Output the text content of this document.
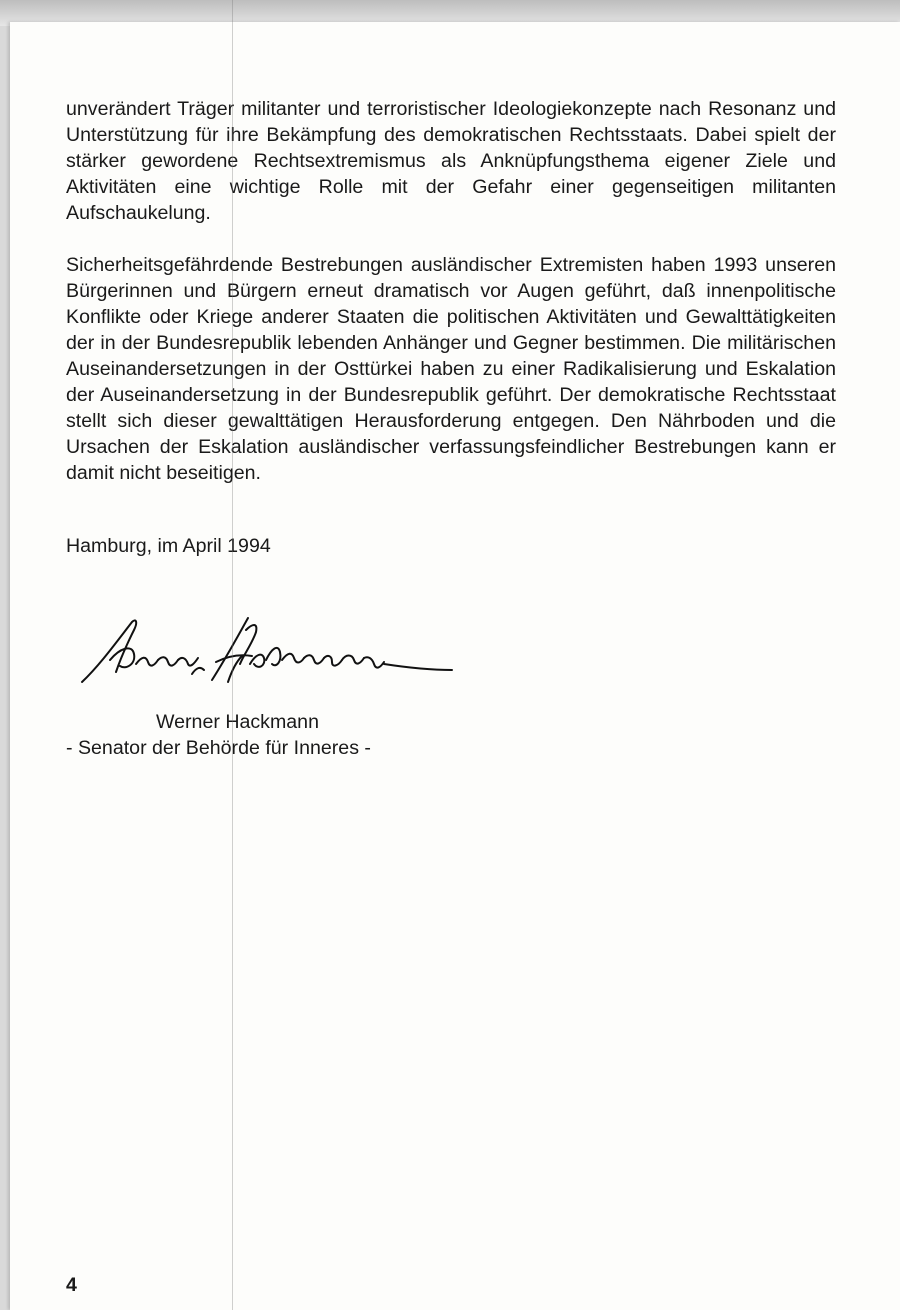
unverändert Träger militanter und terroristischer Ideologiekonzepte nach Resonanz und Unterstützung für ihre Bekämpfung des demokratischen Rechtsstaats. Dabei spielt der stärker gewordene Rechtsextremismus als Anknüpfungsthema eigener Ziele und Aktivitäten eine wichtige Rolle mit der Gefahr einer gegenseitigen militanten Aufschaukelung.

Sicherheitsgefährdende Bestrebungen ausländischer Extremisten haben 1993 unseren Bürgerinnen und Bürgern erneut dramatisch vor Augen geführt, daß innenpolitische Konflikte oder Kriege anderer Staaten die politischen Aktivitäten und Gewalttätigkeiten der in der Bundesrepublik lebenden Anhänger und Gegner bestimmen. Die militärischen Auseinandersetzungen in der Osttürkei haben zu einer Radikalisierung und Eskalation der Auseinandersetzung in der Bundesrepublik geführt. Der demokratische Rechtsstaat stellt sich dieser gewalttätigen Herausforderung entgegen. Den Nährboden und die Ursachen der Eskalation ausländischer verfassungsfeindlicher Bestrebungen kann er damit nicht beseitigen.

Hamburg, im April 1994

Werner Hackmann

- Senator der Behörde für Inneres -

4
